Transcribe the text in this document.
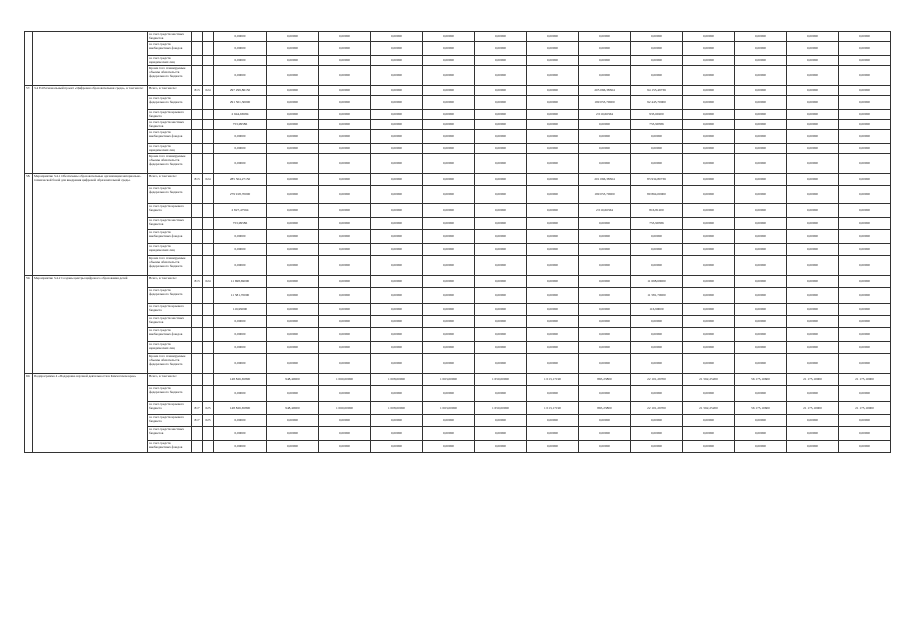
		за счет средств местных бюджетов			0,00000	0,00000	0,00000	0,00000	0,00000	0,00000	0,00000	0,00000	0,00000	0,00000	0,00000	0,00000	0,00000
		за счет средств внебюджетных фондов			0,00000	0,00000	0,00000	0,00000	0,00000	0,00000	0,00000	0,00000	0,00000	0,00000	0,00000	0,00000	0,00000
		за счет средств юридических лиц			0,00000	0,00000	0,00000	0,00000	0,00000	0,00000	0,00000	0,00000	0,00000	0,00000	0,00000	0,00000	0,00000
		Кроме того планируемые объемы обязательств федерального бюджета			0,00000	0,00000	0,00000	0,00000	0,00000	0,00000	0,00000	0,00000	0,00000	0,00000	0,00000	0,00000	0,00000
57.	3.4 Е4 Региональный проект «Цифровая образовательная среда», в том числе:	Всего, в том числе:	813	024	297 299,86150	0,00000	0,00000	0,00000	0,00000	0,00000	0,00000	205 066,38364	94 153,49736	0,00000	0,00000	0,00000	0,00000
		за счет средств федерального бюджета			291 501,30000	0,00000	0,00000	0,00000	0,00000	0,00000	0,00000	199 053,70000	92 445,70000	0,00000	0,00000	0,00000	0,00000
		за счет средств краевого бюджета			2 944,66584	0,00000	0,00000	0,00000	0,00000	0,00000	0,00000	2 010,66364	933,60200	0,00000	0,00000	0,00000	0,00000
		за счет средств местных бюджетов			753,99586	0,00000	0,00000	0,00000	0,00000	0,00000	0,00000	0,00000	753,99586	0,00000	0,00000	0,00000	0,00000
		за счет средств внебюджетных фондов			0,00000	0,00000	0,00000	0,00000	0,00000	0,00000	0,00000	0,00000	0,00000	0,00000	0,00000	0,00000	0,00000
		за счет средств юридических лиц			0,00000	0,00000	0,00000	0,00000	0,00000	0,00000	0,00000	0,00000	0,00000	0,00000	0,00000	0,00000	0,00000
		Кроме того планируемые объемы обязательств федерального бюджета			0,00000	0,00000	0,00000	0,00000	0,00000	0,00000	0,00000	0,00000	0,00000	0,00000	0,00000	0,00000	0,00000
58.	Мероприятие 3.4.1 Обеспечены образовательные организации материально-технической базой для внедрения цифровой образовательной среды.	Всего, в том числе:	813	024	285 504,27150	0,00000	0,00000	0,00000	0,00000	0,00000	0,00000	201 066,38364	83 934,80736	0,00000	0,00000	0,00000	0,00000
		за счет средств федерального бюджета			279 918,70000	0,00000	0,00000	0,00000	0,00000	0,00000	0,00000	199 053,70000	80 864,00000	0,00000	0,00000	0,00000	0,00000
		за счет средств краевого бюджета			2 827,47564	0,00000	0,00000	0,00000	0,00000	0,00000	0,00000	2 010,66364	816,81200	0,00000	0,00000	0,00000	0,00000
		за счет средств местных бюджетов			753,99586	0,00000	0,00000	0,00000	0,00000	0,00000	0,00000	0,00000	753,99586	0,00000	0,00000	0,00000	0,00000
		за счет средств внебюджетных фондов			0,00000	0,00000	0,00000	0,00000	0,00000	0,00000	0,00000	0,00000	0,00000	0,00000	0,00000	0,00000	0,00000
		за счет средств юридических лиц			0,00000	0,00000	0,00000	0,00000	0,00000	0,00000	0,00000	0,00000	0,00000	0,00000	0,00000	0,00000	0,00000
		Кроме того планируемые объемы обязательств федерального бюджета			0,00000	0,00000	0,00000	0,00000	0,00000	0,00000	0,00000	0,00000	0,00000	0,00000	0,00000	0,00000	0,00000
59.	Мероприятие 3.4.2 Созданы центры цифрового образования детей	Всего, в том числе:	813	024	11 698,69000	0,00000	0,00000	0,00000	0,00000	0,00000	0,00000	0,00000	11 698,69000	0,00000	0,00000	0,00000	0,00000
		за счет средств федерального бюджета			11 581,70000	0,00000	0,00000	0,00000	0,00000	0,00000	0,00000	0,00000	11 581,70000	0,00000	0,00000	0,00000	0,00000
		за счет средств краевого бюджета			116,99000	0,00000	0,00000	0,00000	0,00000	0,00000	0,00000	0,00000	116,99000	0,00000	0,00000	0,00000	0,00000
		за счет средств местных бюджетов			0,00000	0,00000	0,00000	0,00000	0,00000	0,00000	0,00000	0,00000	0,00000	0,00000	0,00000	0,00000	0,00000
		за счет средств внебюджетных фондов			0,00000	0,00000	0,00000	0,00000	0,00000	0,00000	0,00000	0,00000	0,00000	0,00000	0,00000	0,00000	0,00000
		за счет средств юридических лиц			0,00000	0,00000	0,00000	0,00000	0,00000	0,00000	0,00000	0,00000	0,00000	0,00000	0,00000	0,00000	0,00000
		Кроме того планируемые объемы обязательств федерального бюджета			0,00000	0,00000	0,00000	0,00000	0,00000	0,00000	0,00000	0,00000	0,00000	0,00000	0,00000	0,00000	0,00000
60.	Подпрограмма 4 «Поддержка научной деятельности в Камчатском крае»	Всего, в том числе:			148 826,65890	948,40000	1 060,00000	1 008,00000	1 063,00000	1 650,00000	1 013,17190	865,23800	22 101,29700	21 562,25200	56 175,10600	21 175,10000	21 175,10000
		за счет средств федерального бюджета			0,00000	0,00000	0,00000	0,00000	0,00000	0,00000	0,00000	0,00000	0,00000	0,00000	0,00000	0,00000	0,00000
		за счет средств краевого бюджета	817	025	148 826,65890	948,40000	1 060,00000	1 008,00000	1 063,00000	1 650,00000	1 013,17190	865,23800	22 101,29700	21 562,25200	56 175,10600	21 175,10000	21 175,10000
		за счет средств краевого бюджета	817	025	0,00000	0,00000	0,00000	0,00000	0,00000	0,00000	0,00000	0,00000	0,00000	0,00000	0,00000	0,00000	0,00000
		за счет средств местных бюджетов			0,00000	0,00000	0,00000	0,00000	0,00000	0,00000	0,00000	0,00000	0,00000	0,00000	0,00000	0,00000	0,00000
		за счет средств внебюджетных фондов			0,00000	0,00000	0,00000	0,00000	0,00000	0,00000	0,00000	0,00000	0,00000	0,00000	0,00000	0,00000	0,00000
